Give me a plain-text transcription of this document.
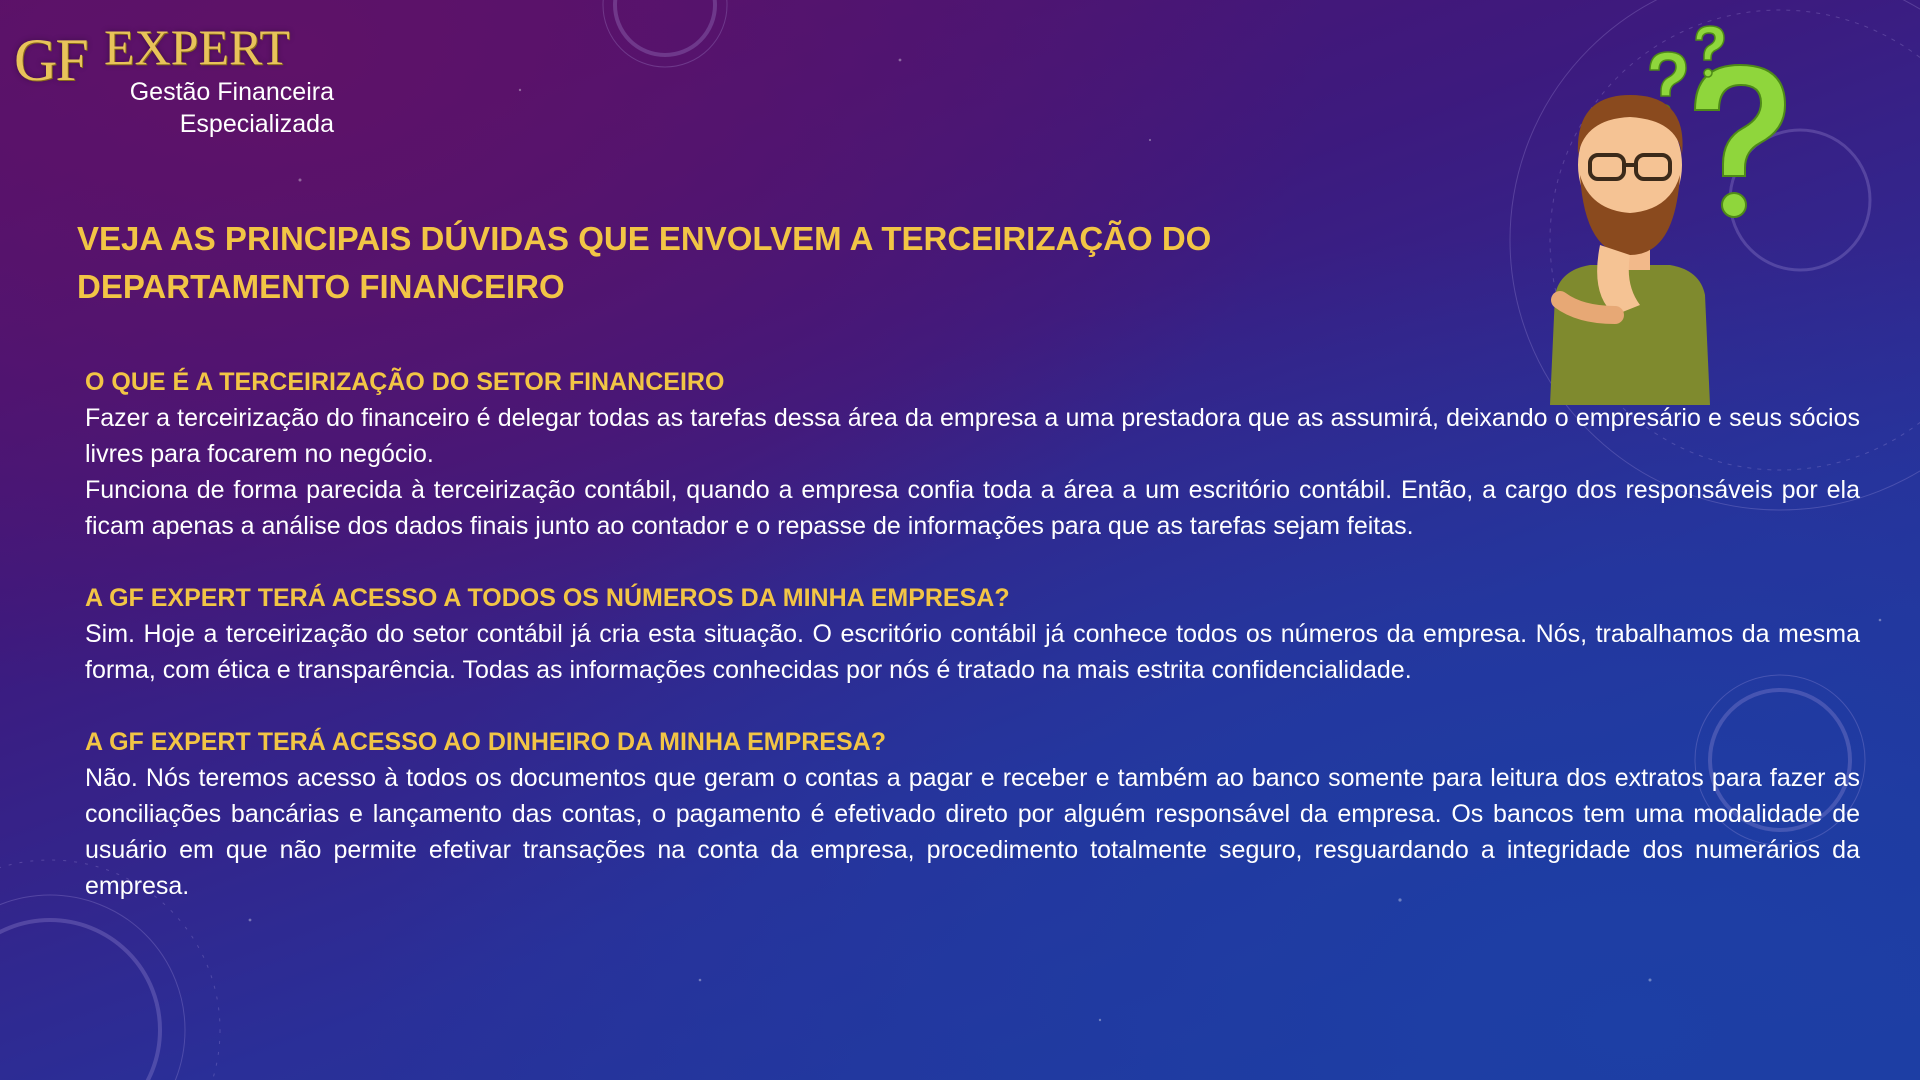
GF EXPERT
Gestão Financeira
Especializada
VEJA AS PRINCIPAIS DÚVIDAS QUE ENVOLVEM A TERCEIRIZAÇÃO DO
DEPARTAMENTO FINANCEIRO

O QUE É A TERCEIRIZAÇÃO DO SETOR FINANCEIRO

Fazer a terceirização do financeiro é delegar todas as tarefas dessa área da empresa a uma prestadora que as assumirá, deixando o empresário e seus sócios livres para focarem no negócio.

Funciona de forma parecida à terceirização contábil, quando a empresa confia toda a área a um escritório contábil. Então, a cargo dos responsáveis por ela ficam apenas a análise dos dados finais junto ao contador e o repasse de informações para que as tarefas sejam feitas.

A GF EXPERT TERÁ ACESSO A TODOS OS NÚMEROS DA MINHA EMPRESA?

Sim. Hoje a terceirização do setor contábil já cria esta situação. O escritório contábil já conhece todos os números da empresa. Nós, trabalhamos da mesma forma, com ética e transparência. Todas as informações conhecidas por nós é tratado na mais estrita confidencialidade.

A GF EXPERT TERÁ ACESSO AO DINHEIRO DA MINHA EMPRESA?

Não. Nós teremos acesso à todos os documentos que geram o contas a pagar e receber e também ao banco somente para leitura dos extratos para fazer as conciliações bancárias e lançamento das contas, o pagamento é efetivado direto por alguém responsável da empresa. Os bancos tem uma modalidade de usuário em que não permite efetivar transações na conta da empresa, procedimento totalmente seguro, resguardando a integridade dos numerários da empresa.
